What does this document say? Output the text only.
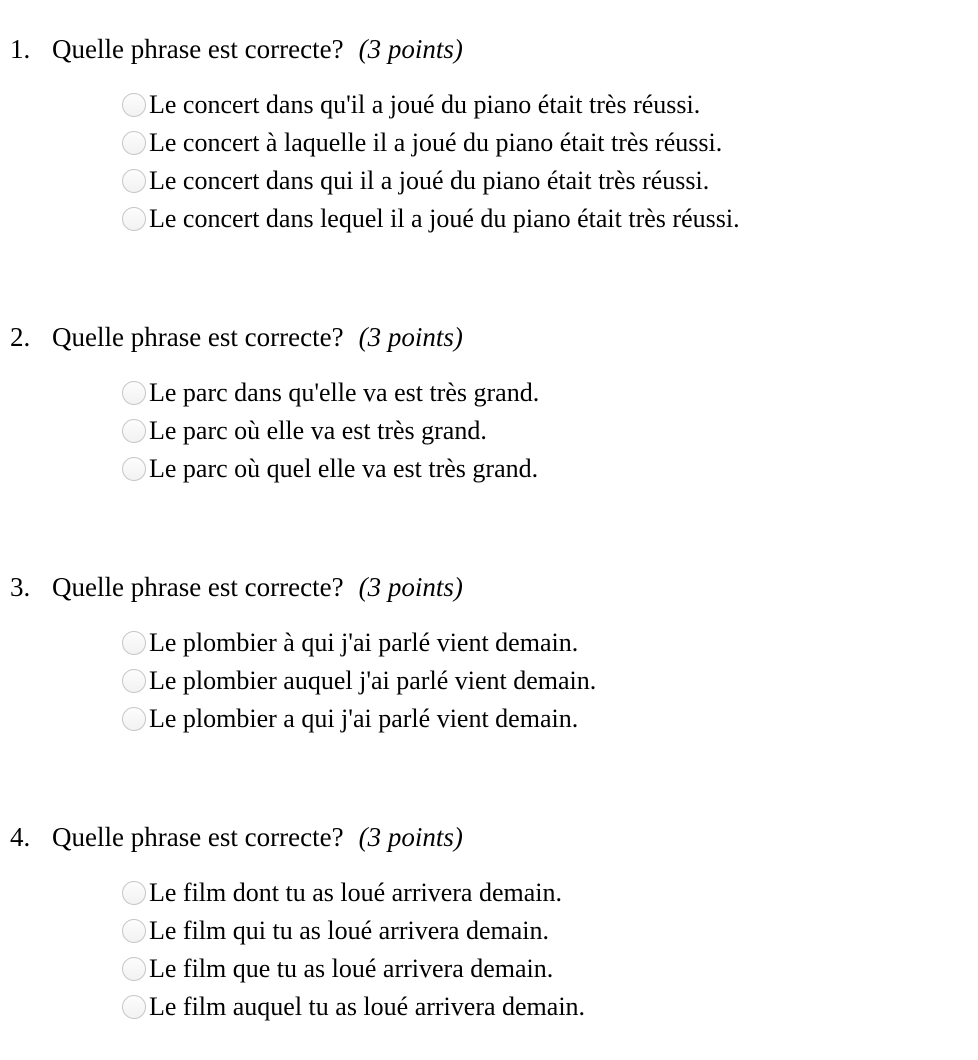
1. Quelle phrase est correcte? (3 points)
Le concert dans qu'il a joué du piano était très réussi.
Le concert à laquelle il a joué du piano était très réussi.
Le concert dans qui il a joué du piano était très réussi.
Le concert dans lequel il a joué du piano était très réussi.
2. Quelle phrase est correcte? (3 points)
Le parc dans qu'elle va est très grand.
Le parc où elle va est très grand.
Le parc où quel elle va est très grand.
3. Quelle phrase est correcte? (3 points)
Le plombier à qui j'ai parlé vient demain.
Le plombier auquel j'ai parlé vient demain.
Le plombier a qui j'ai parlé vient demain.
4. Quelle phrase est correcte? (3 points)
Le film dont tu as loué arrivera demain.
Le film qui tu as loué arrivera demain.
Le film que tu as loué arrivera demain.
Le film auquel tu as loué arrivera demain.
